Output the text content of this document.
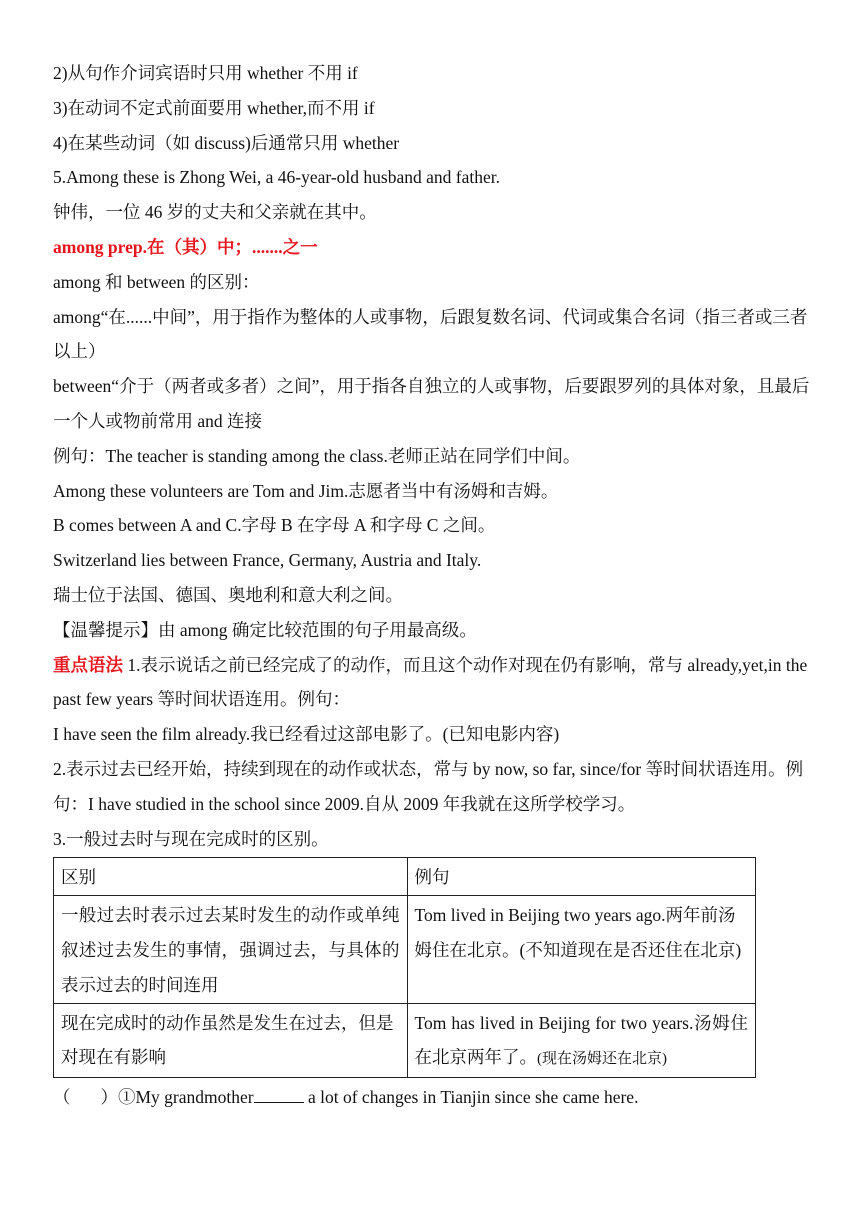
2)从句作介词宾语时只用 whether 不用 if
3)在动词不定式前面要用 whether,而不用 if
4)在某些动词（如 discuss)后通常只用 whether
5.Among these is Zhong Wei, a 46-year-old husband and father.
钟伟，一位 46 岁的丈夫和父亲就在其中。
among prep.在（其）中；.......之一
among 和 between 的区别：
among“在......中间”，用于指作为整体的人或事物，后跟复数名词、代词或集合名词（指三者或三者以上）
between“介于（两者或多者）之间”，用于指各自独立的人或事物，后要跟罗列的具体对象，且最后一个人或物前常用 and 连接
例句：The teacher is standing among the class.老师正站在同学们中间。
Among these volunteers are Tom and Jim.志愿者当中有汤姆和吉姆。
B comes between A and C.字母 B 在字母 A 和字母 C 之间。
Switzerland lies between France, Germany, Austria and Italy.
瑞士位于法国、德国、奥地利和意大利之间。
【温馨提示】由 among 确定比较范围的句子用最高级。
重点语法 1.表示说话之前已经完成了的动作，而且这个动作对现在仍有影响，常与 already,yet,in the past few years 等时间状语连用。例句：
I have seen the film already.我已经看过这部电影了。(已知电影内容)
2.表示过去已经开始，持续到现在的动作或状态，常与 by now, so far, since/for 等时间状语连用。例句：I have studied in the school since 2009.自从 2009 年我就在这所学校学习。
3.一般过去时与现在完成时的区别。
区别	例句
一般过去时表示过去某时发生的动作或单纯叙述过去发生的事情，强调过去，与具体的表示过去的时间连用	Tom lived in Beijing two years ago.两年前汤姆住在北京。(不知道现在是否还住在北京)
现在完成时的动作虽然是发生在过去，但是对现在有影响	Tom has lived in Beijing for two years.汤姆住在北京两年了。(现在汤姆还在北京)
（ ）①My grandmother	a lot of changes in Tianjin since she came here.
